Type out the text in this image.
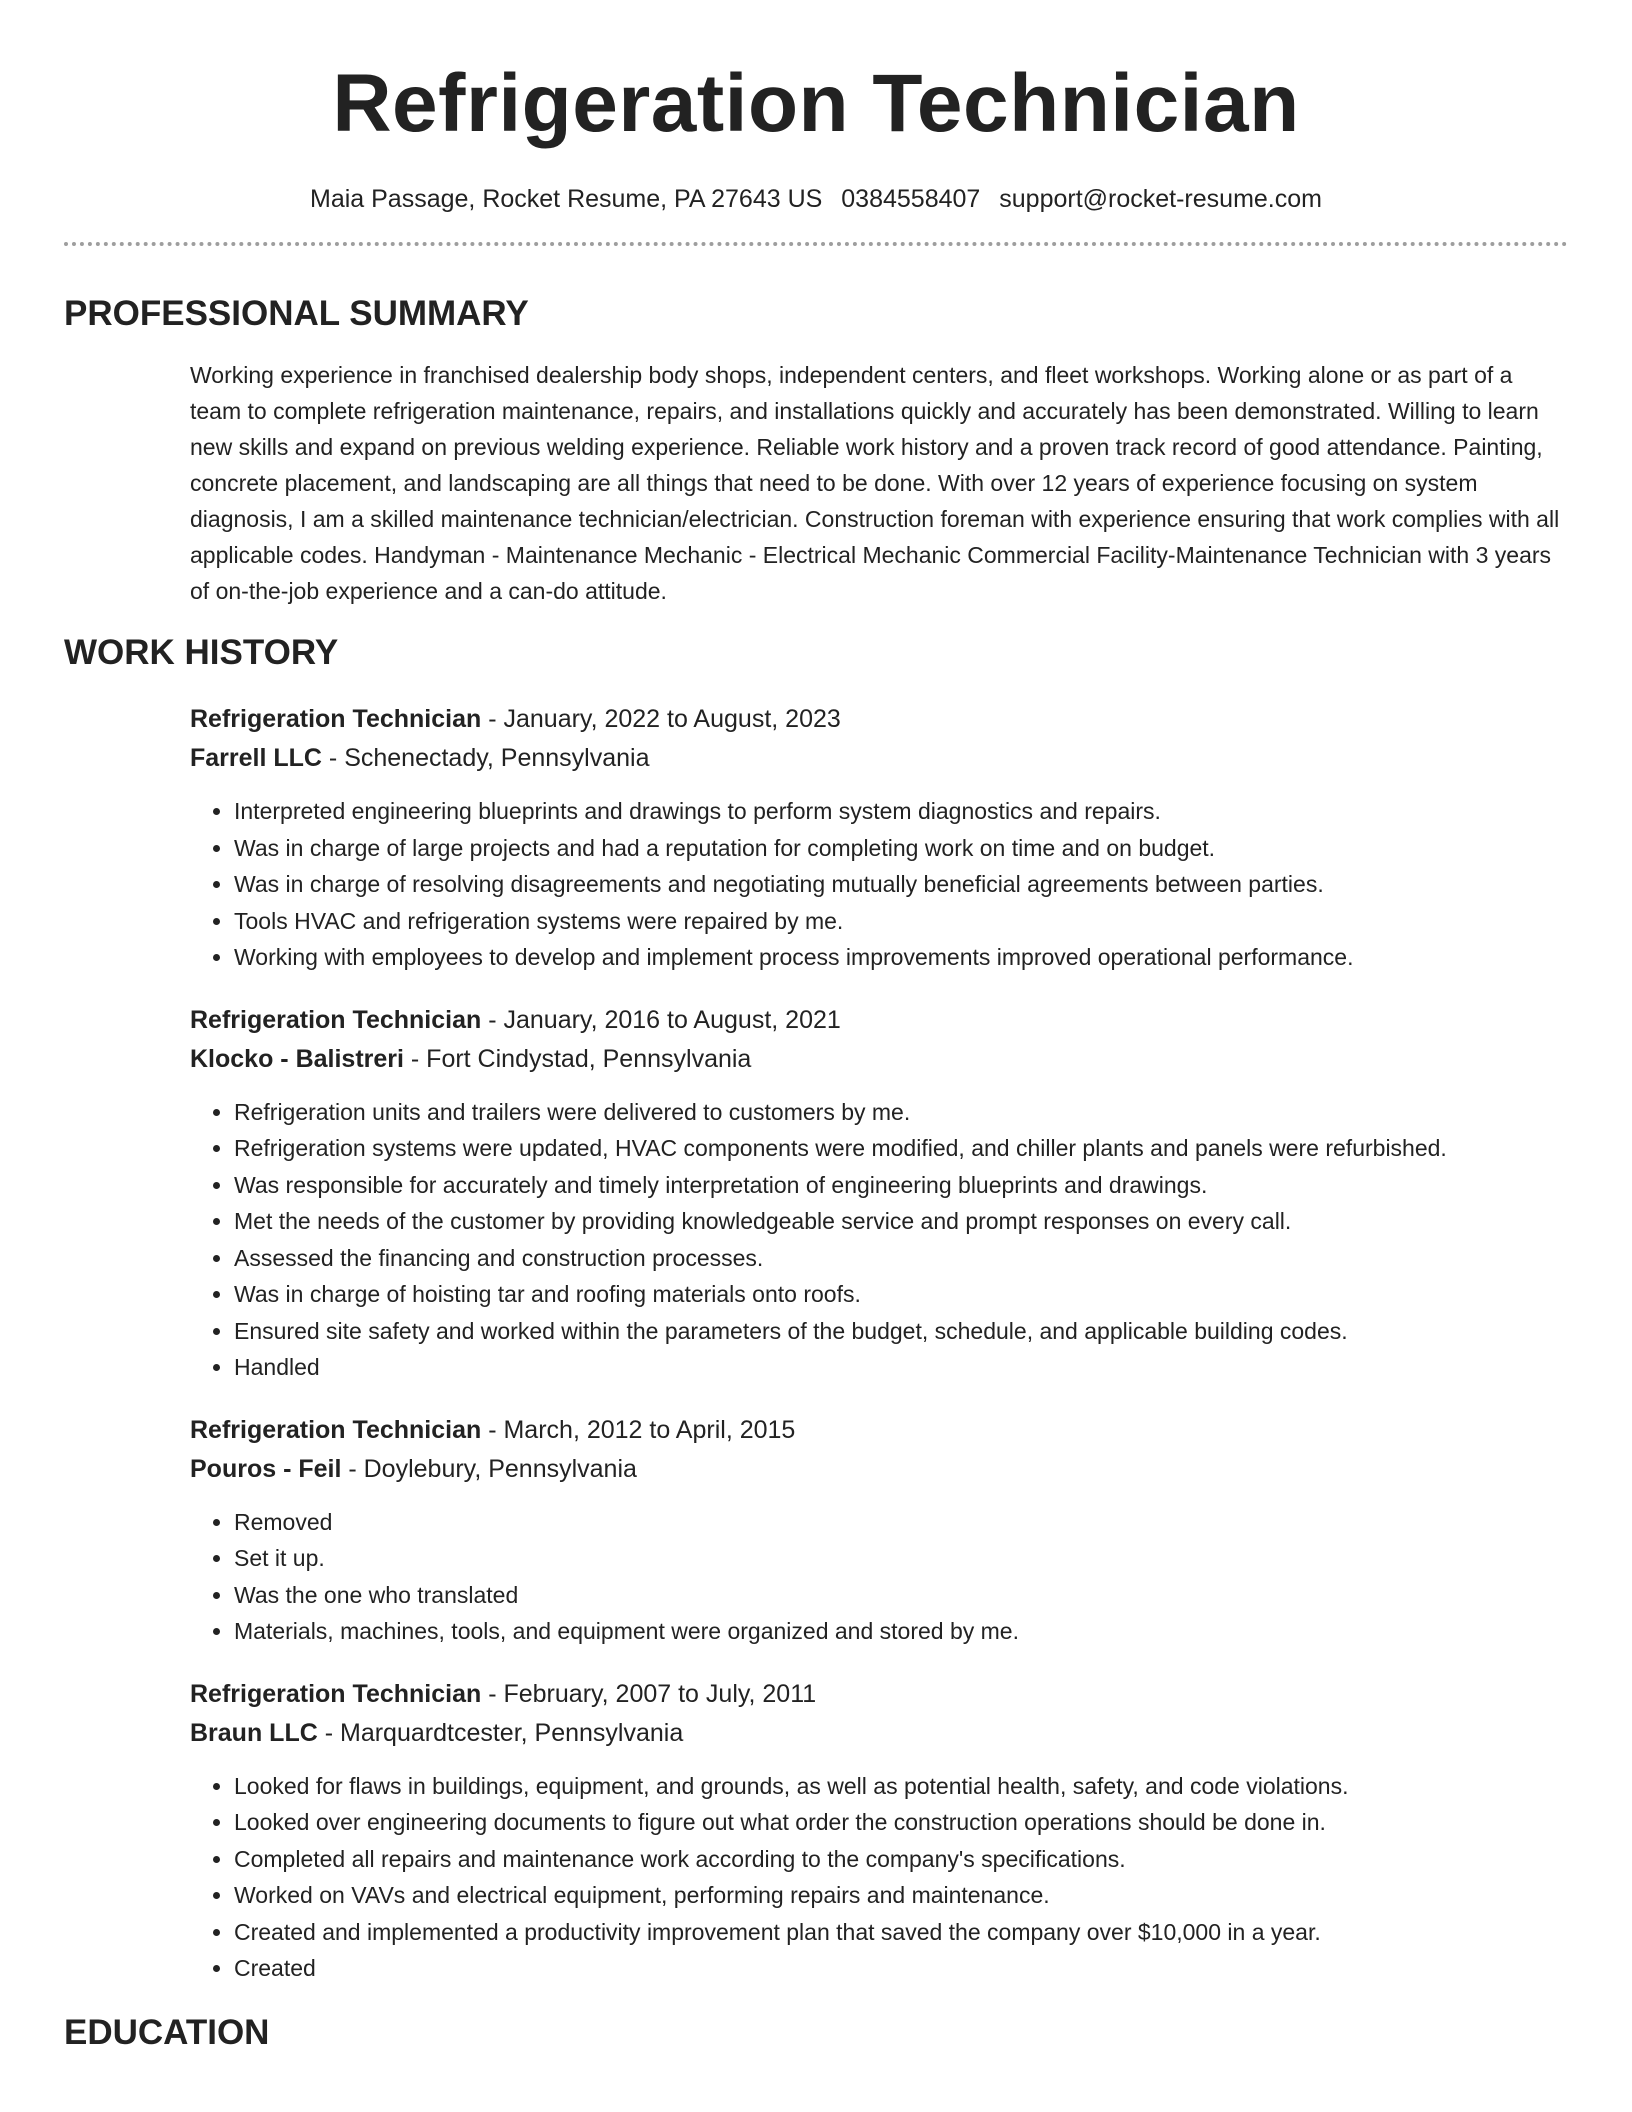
Refrigeration Technician
Maia Passage, Rocket Resume, PA 27643 US 0384558407 support@rocket-resume.com
PROFESSIONAL SUMMARY

Working experience in franchised dealership body shops, independent centers, and fleet workshops. Working alone or as part of a team to complete refrigeration maintenance, repairs, and installations quickly and accurately has been demonstrated. Willing to learn new skills and expand on previous welding experience. Reliable work history and a proven track record of good attendance. Painting, concrete placement, and landscaping are all things that need to be done. With over 12 years of experience focusing on system diagnosis, I am a skilled maintenance technician/electrician. Construction foreman with experience ensuring that work complies with all applicable codes. Handyman - Maintenance Mechanic - Electrical Mechanic Commercial Facility-Maintenance Technician with 3 years of on-the-job experience and a can-do attitude.

WORK HISTORY
Refrigeration Technician - January, 2022 to August, 2023
Farrell LLC - Schenectady, Pennsylvania
• Interpreted engineering blueprints and drawings to perform system diagnostics and repairs.
• Was in charge of large projects and had a reputation for completing work on time and on budget.
• Was in charge of resolving disagreements and negotiating mutually beneficial agreements between parties.
• Tools HVAC and refrigeration systems were repaired by me.
• Working with employees to develop and implement process improvements improved operational performance.
Refrigeration Technician - January, 2016 to August, 2021
Klocko - Balistreri - Fort Cindystad, Pennsylvania
• Refrigeration units and trailers were delivered to customers by me.
• Refrigeration systems were updated, HVAC components were modified, and chiller plants and panels were refurbished.
• Was responsible for accurately and timely interpretation of engineering blueprints and drawings.
• Met the needs of the customer by providing knowledgeable service and prompt responses on every call.
• Assessed the financing and construction processes.
• Was in charge of hoisting tar and roofing materials onto roofs.
• Ensured site safety and worked within the parameters of the budget, schedule, and applicable building codes.
• Handled
Refrigeration Technician - March, 2012 to April, 2015
Pouros - Feil - Doylebury, Pennsylvania
• Removed
• Set it up.
• Was the one who translated
• Materials, machines, tools, and equipment were organized and stored by me.
Refrigeration Technician - February, 2007 to July, 2011
Braun LLC - Marquardtcester, Pennsylvania
• Looked for flaws in buildings, equipment, and grounds, as well as potential health, safety, and code violations.
• Looked over engineering documents to figure out what order the construction operations should be done in.
• Completed all repairs and maintenance work according to the company's specifications.
• Worked on VAVs and electrical equipment, performing repairs and maintenance.
• Created and implemented a productivity improvement plan that saved the company over $10,000 in a year.
• Created
EDUCATION
